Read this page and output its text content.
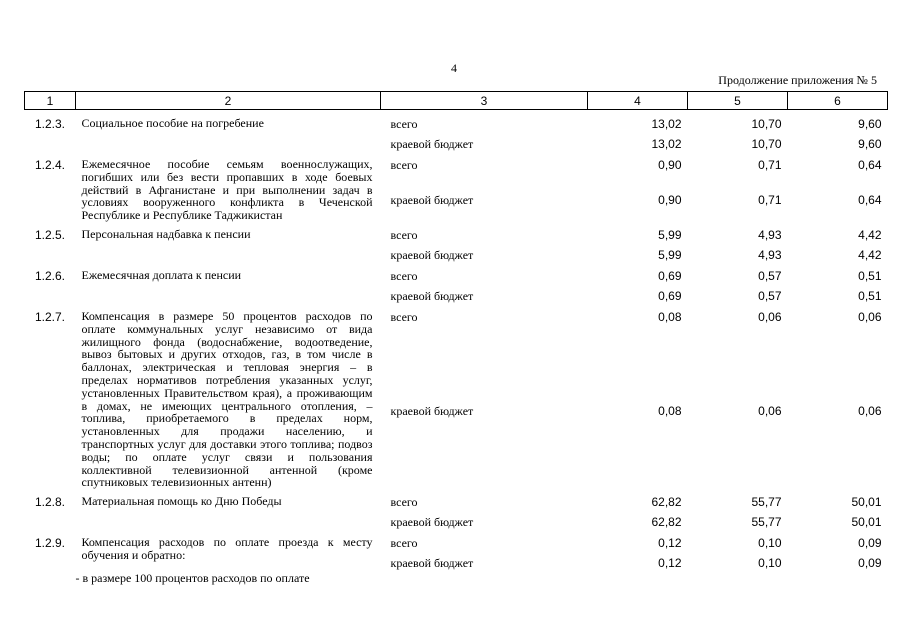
4
Продолжение приложения № 5
1	2	3	4	5	6
1.2.3.	Социальное пособие на погребение	всего	13,02	10,70	9,60
		краевой бюджет	13,02	10,70	9,60
1.2.4.	Ежемесячное пособие семьям военнослужащих, погибших или без вести пропавших в ходе боевых действий в Афганистане и при выполнении задач в условиях вооруженного конфликта в Чеченской Республике и Республике Таджикистан	всего	0,90	0,71	0,64
		краевой бюджет	0,90	0,71	0,64
1.2.5.	Персональная надбавка к пенсии	всего	5,99	4,93	4,42
		краевой бюджет	5,99	4,93	4,42
1.2.6.	Ежемесячная доплата к пенсии	всего	0,69	0,57	0,51
		краевой бюджет	0,69	0,57	0,51
1.2.7.	Компенсация в размере 50 процентов расходов по оплате коммунальных услуг независимо от вида жилищного фонда (водоснабжение, водоотведение, вывоз бытовых и других отходов, газ, в том числе в баллонах, электрическая и тепловая энергия – в пределах нормативов потребления указанных услуг, установленных Правительством края), а проживающим в домах, не имеющих центрального отопления, – топлива, приобретаемого в пределах норм, установленных для продажи населению, и транспортных услуг для доставки этого топлива; подвоз воды; по оплате услуг связи и пользования коллективной телевизионной антенной (кроме спутниковых телевизионных антенн)	всего	0,08	0,06	0,06
		краевой бюджет	0,08	0,06	0,06
1.2.8.	Материальная помощь ко Дню Победы	всего	62,82	55,77	50,01
		краевой бюджет	62,82	55,77	50,01
1.2.9.	Компенсация расходов по оплате проезда к месту обучения и обратно:	всего	0,12	0,10	0,09
		краевой бюджет	0,12	0,10	0,09
	- в размере 100 процентов расходов по оплате				
